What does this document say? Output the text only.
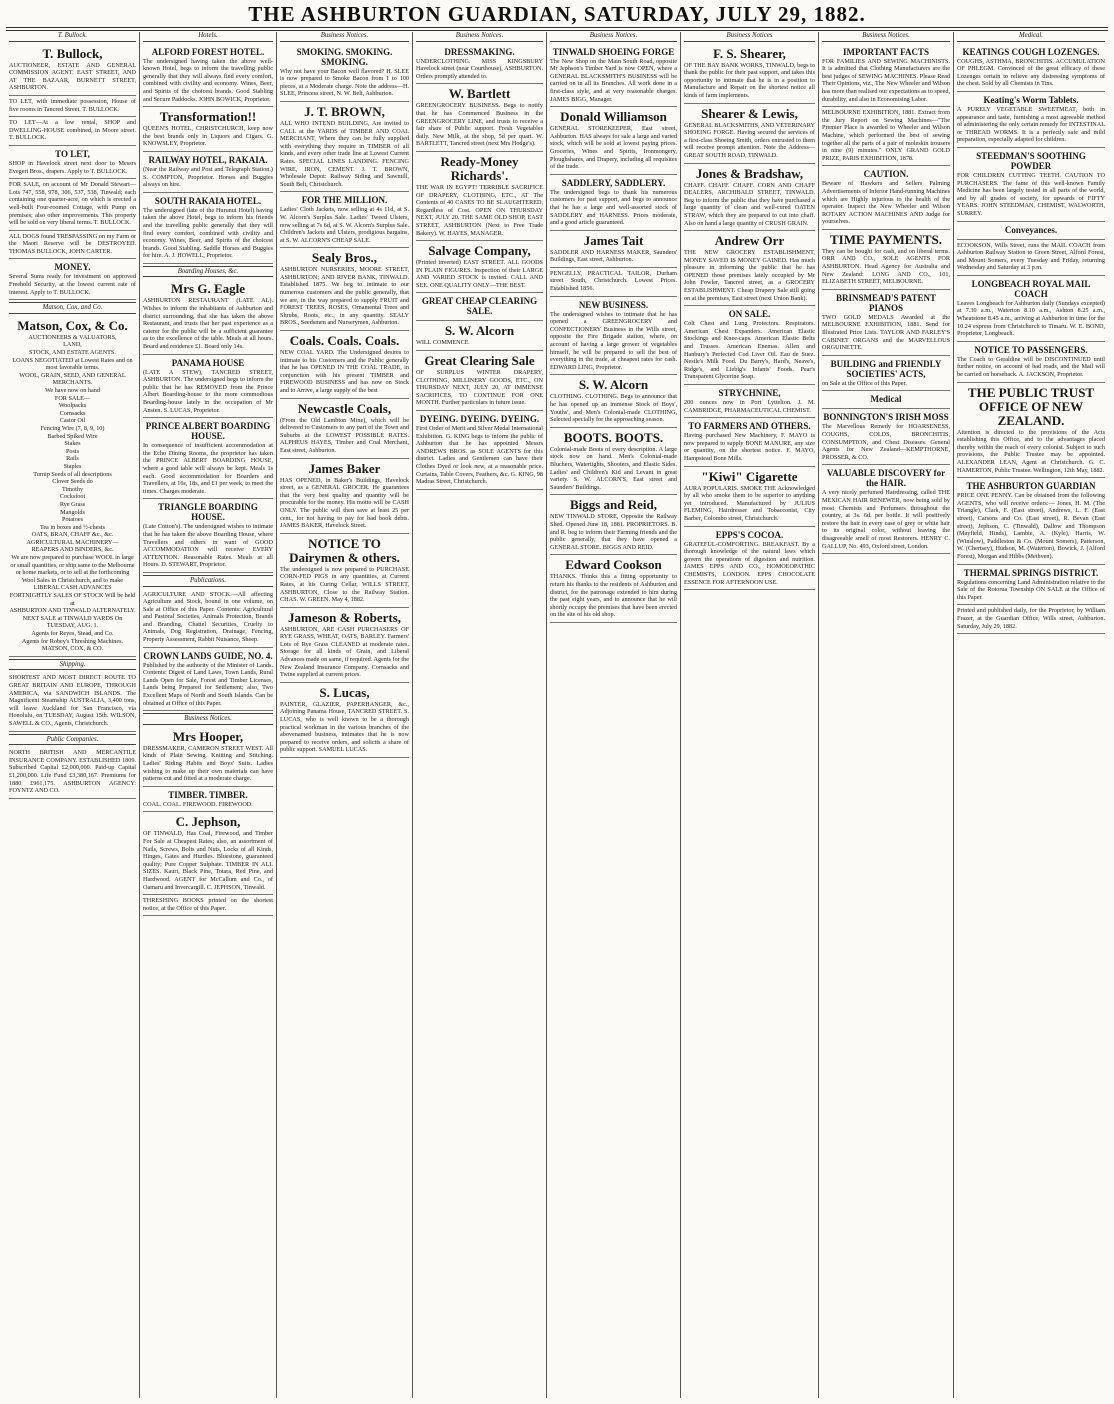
THE ASHBURTON GUARDIAN, SATURDAY, JULY 29, 1882.
T. Bullock.
T. Bullock,
AUCTIONEER, ESTATE AND GENERAL COMMISSION AGENT. EAST STREET, AND AT THE BAZAAR, BURNETT STREET, ASHBURTON.
TO LET, with immediate possession, House of five rooms in Tancred Street. T. BULLOCK.
TO LET—At a low rental, SHOP and DWELLING-HOUSE combined, in Moore street. T. BULLOCK.
TO LET,
SHOP in Havelock street next door to Messrs Evegert Bros., drapers. Apply to T. BULLOCK.
FOR SALE, on account of Mr Donald Stewart—Lots 747, 558, 978, 306, 537, 538, Tinwald; each containing one quarter-acre, on which is erected a well-built Four-roomed Cottage, with Pump on premises; also other improvements. This property will be sold on very liberal terms. T. BULLOCK.
ALL DOGS found TRESPASSING on my Farm or the Maori Reserve will be DESTROYED. THOMAS BULLOCK, JOHN CARTER.
MONEY.
Several Sums ready for investment on approved Freehold Security, at the lowest current rate of interest. Apply to T. BULLOCK.
Matson, Cox, and Co.
Matson, Cox, & Co.
AUCTIONEERS & VALUATORS,
LAND,
STOCK, AND ESTATE AGENTS.
LOANS NEGOTIATED at Lowest Rates and on most favorable terms.
WOOL, GRAIN, SEED, AND GENERAL MERCHANTS.
We have now on hand
FOR SALE—
Woolpacks
Cornsacks
Castor Oil
Fencing Wire (7, 8, 9, 10)
Barbed Spiked Wire
Stakes
Posts
Rails
Staples
Turnip Seeds of all descriptions
Clover Seeds do
Timothy
Cocksfoot
Rye Grass
Mangolds
Potatoes
Tea in boxes and ½-chests
OATS, BRAN, CHAFF &c., &c.
AGRICULTURAL MACHINERY—
REAPERS AND BINDERS, &c.
We are now prepared to purchase WOOL in large or small quantities, or ship same to the Melbourne or home markets, or to sell at the forthcoming Wool Sales in Christchurch, and to make
LIBERAL CASH ADVANCES
FORTNIGHTLY SALES OF STOCK Will be held at
ASHBURTON AND TINWALD ALTERNATELY.
NEXT SALE at TINWALD YARDS On TUESDAY, AUG. 1.
Agents for Reyes, Stead, and Co.
Agents for Robey's Threshing Machines.
MATSON, COX, & CO.
Shipping.
SHORTEST AND MOST DIRECT ROUTE TO GREAT BRITAIN AND EUROPE, THROUGH AMERICA, via SANDWICH ISLANDS. The Magnificent Steamship AUSTRALIA, 3,400 tons, will leave Auckland for San Francisco, via Honolulu, on TUESDAY, August 15th. WILSON, SAWELL & CO., Agents, Christchurch.
Public Companies.
NORTH BRITISH AND MERCANTILE INSURANCE COMPANY. ESTABLISHED 1809. Subscribed Capital £2,000,000. Paid-up Capital £1,200,000. Life Fund £3,380,167. Premiums for 1880 £961,175. ASHBURTON AGENCY: FOYNTZ AND CO.
Hotels.
ALFORD FOREST HOTEL.
The undersigned having taken the above well-known Hotel, begs to inform the travelling public generally that they will always find every comfort, combined with civility and economy. Wines, Beer, and Spirits of the choicest brands. Good Stabling and Secure Paddocks. JOHN BOWICK, Proprietor.
Transformation!!
QUEEN'S HOTEL, CHRISTCHURCH, keep now the best brands only in Liquors and Cigars. G. KNOWSLEY, Proprietor.
RAILWAY HOTEL, RAKAIA.
(Near the Railway and Post and Telegraph Station.) S. COMPTON, Proprietor. Horses and Buggies always on hire.
SOUTH RAKAIA HOTEL.
The undersigned (late of the Hurunui Hotel) having taken the above Hotel, begs to inform his friends and the travelling public generally that they will find every comfort, combined with civility and economy. Wines, Beer, and Spirits of the choicest brands. Good Stabling. Saddle Horses and Buggies for hire. A. J. HOWELL, Proprietor.
Boarding Houses, &c.
Mrs G. Eagle
ASHBURTON RESTAURANT (LATE AL). Wishes to inform the inhabitants of Ashburton and district surrounding, that she has taken the above Restaurant, and trusts that her past experience as a caterer for the public will be a sufficient guarantee as to the excellence of the table. Meals at all hours. Board and residence £1. Board only 14s.
PANAMA HOUSE
(LATE A STEW), TANCRED STREET, ASHBURTON. The undersigned begs to inform the public that he has REMOVED from the Prince Albert Boarding-house to the more commodious Boarding-house lately in the occupation of Mr Ansten. S. LUCAS, Proprietor.
PRINCE ALBERT BOARDING HOUSE.
In consequence of insufficient accommodation at the Echo Dining Rooms, the proprietor has taken the PRINCE ALBERT BOARDING HOUSE, where a good table will always be kept. Meals 1s each. Good accommodation for Boarders and Travellers, at 16s, 18s, and £1 per week, to meet the times. Charges moderate.
TRIANGLE BOARDING HOUSE.
(Late Cotton's). The undersigned wishes to intimate that he has taken the above Boarding House, where Travellers and others in want of GOOD ACCOMMODATION will receive EVERY ATTENTION. Reasonable Rates. Meals at all Hours. D. STEWART, Proprietor.
Publications.
AGRICULTURE AND STOCK.—All affecting Agriculture and Stock, bound in one volume, on Sale at Office of this Paper. Contents: Agricultural and Pastoral Societies, Animals Protection, Brands and Branding, Chattel Securities, Cruelty to Animals, Dog Registration, Drainage, Fencing, Property Assessment, Rabbit Nuisance, Sheep.
CROWN LANDS GUIDE, NO. 4.
Published by the authority of the Minister of Lands. Contents: Digest of Land Laws, Town Lands, Rural Lands Open for Sale, Forest and Timber Licenses, Lands being Prepared for Settlement; also, Two Excellent Maps of North and South Islands. Can be obtained at Office of this Paper.
Business Notices.
Mrs Hooper,
DRESSMAKER, CAMERON STREET WEST. All kinds of Plain Sewing. Knitting and Stitching. Ladies' Riding Habits and Boys' Suits. Ladies wishing to make up their own materials can have patterns cut and fitted at a moderate charge.
TIMBER. TIMBER.
COAL. COAL. FIREWOOD. FIREWOOD.
C. Jephson,
OF TINWALD, Has Coal, Firewood, and Timber For Sale at Cheapest Rates; also, an assortment of Nails, Screws, Bolts and Nuts, Locks of all Kinds, Hinges, Gates and Hurdles. Bluestone, guaranteed quality; Pure Copper Sulphate. TIMBER IN ALL SIZES. Kauri, Black Pine, Totara, Red Pine, and Hardwood. AGENT for McCallum and Co., of Oamaru and Invercargill. C. JEPHSON, Tinwald.
THRESHING BOOKS printed on the shortest notice, at the Office of this Paper.
Business Notices.
SMOKING. SMOKING. SMOKING.
Why not have your Bacon well flavored? H. SLEE is now prepared to Smoke Bacon from 1 to 100 pieces, at a Moderate charge. Note the address—H. SLEE, Princess street, N. W. Belt, Ashburton.
J. T. BROWN,
ALL WHO INTEND BUILDING, Are invited to CALL at the YARDS of TIMBER AND COAL MERCHANT, Where they can be fully supplied with everything they require in TIMBER of all kinds, and every other trade line at Lowest Current Rates. SPECIAL LINES LANDING. FENCING WIRE, IRON, CEMENT. J. T. BROWN, Wholesale Depot: Railway Siding and Sawmill, South Belt, Christchurch.
FOR THE MILLION.
Ladies' Cloth Jackets, now selling at 4s 11d, at S. W. Alcorn's Surplus Sale. Ladies' Tweed Ulsters, now selling at 7s 6d, at S. W. Alcorn's Surplus Sale. Children's Jackets and Ulsters, prodigious bargains, at S. W. ALCORN'S CHEAP SALE.
Sealy Bros.,
ASHBURTON NURSERIES, MOORE STREET, ASHBURTON; AND RIVER BANK, TINWALD. Established 1875. We beg to intimate to our numerous customers and the public generally, that we are, in the way prepared to supply FRUIT and FOREST TREES, ROSES, Ornamental Trees and Shrubs, Roots, etc., in any quantity. SEALY BROS., Seedsmen and Nurserymen, Ashburton.
Coals. Coals. Coals.
NEW COAL YARD. The Undersigned desires to intimate to his Customers and the Public generally that he has OPENED IN THE COAL TRADE, in conjunction with his present TIMBER and FIREWOOD BUSINESS and has now on Stock and to Arrive, a large supply of the best
Newcastle Coals,
(From the Old Lambton Mine), which will be delivered to Customers to any part of the Town and Suburbs at the LOWEST POSSIBLE RATES. ALPHEUS HAYES, Timber and Coal Merchant, East street, Ashburton.
James Baker
HAS OPENED, in Baker's Buildings, Havelock street, as a GENERAL GROCER. He guarantees that the very best quality and quantity will be procurable for the money. His motto will be CASH ONLY. The public will then save at least 25 per cent., for not having to pay for bad book debts. JAMES BAKER, Havelock Street.
NOTICE TO Dairymen & others.
The undersigned is now prepared to PURCHASE CORN-FED PIGS in any quantities, at Current Rates, at his Curing Cellar, WILLS STREET, ASHBURTON, Close to the Railway Station. CHAS. W. GREEN. May 4, 1882.
Jameson & Roberts,
ASHBURTON, ARE CASH PURCHASERS OF RYE GRASS, WHEAT, OATS, BARLEY. Farmers' Lots of Rye Grass CLEANED at moderate rates. Storage for all kinds of Grain, and Liberal Advances made on same, if required. Agents for the New Zealand Insurance Company. Cornsacks and Twine supplied at current prices.
S. Lucas,
PAINTER, GLAZIER, PAPERHANGER, &c., Adjoining Panama House, TANCRED STREET. S. LUCAS, who is well known to be a thorough practical workman in the various branches of the abovenamed business, intimates that he is now prepared to receive orders, and solicits a share of public support. SAMUEL LUCAS.
Business Notices.
DRESSMAKING.
UNDERCLOTHING. MISS KINGSBURY Havelock street (near Courthouse), ASHBURTON. Orders promptly attended to.
W. Bartlett
GREENGROCERY BUSINESS. Begs to notify that he has Commenced Business in the GREENGROCERY LINE, and trusts to receive a fair share of Public support. Fresh Vegetables daily. New Milk, at the shop, 5d per quart. W. BARTLETT, Tancred street (next Mrs Hodge's).
Ready-Money Richards'.
THE WAR IN EGYPT! TERRIBLE SACRIFICE OF DRAPERY, CLOTHING, ETC., AT The Contents of 40 CASES TO BE SLAUGHTERED, Regardless of Cost. OPEN ON THURSDAY NEXT, JULY 20. THE SAME OLD SHOP, EAST STREET, ASHBURTON (Next to Free Trade Bakery). W. HAYES, MANAGER.
Salvage Company,
(Printed inverted) EAST STREET. ALL GOODS IN PLAIN FIGURES. Inspection of their LARGE AND VARIED STOCK is invited. CALL AND SEE. ONE QUALITY ONLY—THE BEST.
GREAT CHEAP CLEARING SALE.
S. W. Alcorn
WILL COMMENCE
Great Clearing Sale
OF SURPLUS WINTER DRAPERY, CLOTHING, MILLINERY GOODS, ETC., ON THURSDAY NEXT, JULY 20, AT IMMENSE SACRIFICES, TO CONTINUE FOR ONE MONTH. Further particulars in future issue.
DYEING. DYEING. DYEING.
First Order of Merit and Silver Medal International Exhibition. G. KING begs to inform the public of Ashburton that he has appointed Messrs ANDREWS BROS. as SOLE AGENTS for this district. Ladies and Gentlemen can have their Clothes Dyed or look new, at a reasonable price. Curtains, Table Covers, Feathers, &c. G. KING, 98 Madras Street, Christchurch.
Business Notices.
TINWALD SHOEING FORGE
The New Shop on the Main South Road, opposite Mr Jephson's Timber Yard is now OPEN, where a GENERAL BLACKSMITH'S BUSINESS will be carried on in all its Branches. All work done in a first-class style, and at very reasonable charges. JAMES BIGG, Manager.
Donald Williamson
GENERAL STOREKEEPER, East street, Ashburton. HAS always for sale a large and varied stock, which will be sold at lowest paying prices. Groceries, Wines and Spirits, Ironmongery, Ploughshares, and Drapery, including all requisites of the trade.
SADDLERY, SADDLERY.
The undersigned begs to thank his numerous customers for past support, and begs to announce that he has a large and well-assorted stock of SADDLERY and HARNESS. Prices moderate, and a good article guaranteed.
James Tait
SADDLER AND HARNESS MAKER, Saunders' Buildings, East street, Ashburton.
PENGELLY, PRACTICAL TAILOR, Durham street South, Christchurch. Lowest Prices. Established 1856.
NEW BUSINESS.
The undersigned wishes to intimate that he has opened a GREENGROCERY and CONFECTIONERY Business in the Wills street, opposite the Fire Brigade station, where, on account of having a large grower of vegetables himself, he will be prepared to sell the best of everything in the trade, at cheapest rates for cash. EDWARD LING, Proprietor.
S. W. Alcorn
CLOTHING. CLOTHING. Begs to announce that he has opened up an immense Stock of Boys', Youths', and Men's Colonial-made CLOTHING, Selected specially for the approaching season.
BOOTS. BOOTS.
Colonial-made Boots of every description. A large stock now on hand. Men's Colonial-made Bluchers, Watertights, Shooters, and Elastic Sides. Ladies' and Children's Kid and Levant in great variety. S. W. ALCORN'S, East street and Saunders' Buildings.
Biggs and Reid,
NEW TINWALD STORE, Opposite the Railway Shed. Opened June 18, 1881. PROPRIETORS. B. and R. beg to inform their Farming friends and the public generally, that they have opened a GENERAL STORE. BIGGS AND REID.
Edward Cookson
THANKS. Thinks this a fitting opportunity to return his thanks to the residents of Ashburton and district, for the patronage extended to him during the past eight years, and to announce that he will shortly occupy the premises that have been erected on the site of his old shop.
Business Notices
F. S. Shearer,
OF THE BAY BANK WORKS, TINWALD, begs to thank the public for their past support, and takes this opportunity to intimate that he is in a position to Manufacture and Repair on the shortest notice all kinds of farm implements.
Shearer & Lewis,
GENERAL BLACKSMITHS, AND VETERINARY SHOEING FORGE. Having secured the services of a first-class Shoeing Smith, orders entrusted to them will receive prompt attention. Note the Address—GREAT SOUTH ROAD, TINWALD.
Jones & Bradshaw,
CHAFF. CHAFF. CHAFF. CORN AND CHAFF DEALERS, ARCHIBALD STREET, TINWALD. Beg to inform the public that they have purchased a large quantity of clean and well-cured OATEN STRAW, which they are prepared to cut into chaff. Also on hand a large quantity of CRUSH GRAIN.
Andrew Orr
THE NEW GROCERY ESTABLISHMENT, MONEY SAVED IS MONEY GAINED. Has much pleasure in informing the public that he has OPENED those premises lately occupied by Mr John Fowler, Tancred street, as a GROCERY ESTABLISHMENT. Cheap Drapery Sale still going on at the premises, East street (next Union Bank).
ON SALE.
Colt Chest and Lung Protectors. Respirators. American Chest Expanders. American Elastic Stockings and Knee-caps. American Elastic Belts and Trusses. American Enemas. Allen and Hanbury's Perfected Cod Liver Oil. Eau de Suez. Nestle's Milk Food. Du Barry's, Hard's, Neave's, Ridge's, and Liebig's Infants' Foods. Pear's Transparent Glycerine Soap.
STRYCHNINE,
200 ounces now in Port Lyttelton. J. M. CAMBRIDGE, PHARMACEUTICAL CHEMIST.
TO FARMERS AND OTHERS.
Having purchased New Machinery, F. MAYO is now prepared to supply BONE MANURE, any size or quantity, on the shortest notice. F. MAYO, Hampstead Bone Mills.
"Kiwi" Cigarette
AURA POPULARIS. SMOKE THE Acknowledged by all who smoke them to be superior to anything yet introduced. Manufactured by JULIUS FLEMING, Hairdresser and Tobacconist, City Barber, Colombo street, Christchurch.
EPPS'S COCOA.
GRATEFUL-COMFORTING. BREAKFAST. By a thorough knowledge of the natural laws which govern the operations of digestion and nutrition. JAMES EPPS AND CO., HOMOEOPATHIC CHEMISTS, LONDON. EPPS CHOCOLATE ESSENCE FOR AFTERNOON USE.
Business Notices.
IMPORTANT FACTS
FOR FAMILIES AND SEWING MACHINISTS. It is admitted that Clothing Manufacturers are the best judges of SEWING MACHINES. Please Read Their Opinions, viz., The New Wheeler and Wilson has more than realised our expectations as to speed, durability, and also in Economising Labor.
MELBOURNE EXHIBITION, 1881. Extract from the Jury Report on Sewing Machines—"The Premier Place is awarded to Wheeler and Wilson Machine, which performed the best of sewing together all the parts of a pair of moleskin trousers in nine (9) minutes." ONLY GRAND GOLD PRIZE, PARIS EXHIBITION, 1878.
CAUTION.
Beware of Hawkers and Sellers Palming Advertisements of Inferior Hand-running Machines which are Highly injurious to the health of the operator. Inspect the New Wheeler and Wilson ROTARY ACTION MACHINES AND Judge for yourselves.
TIME PAYMENTS.
They can be bought for cash, and on liberal terms. ORR AND CO., SOLE AGENTS FOR ASHBURTON. Head Agency for Australia and New Zealand: LONG AND CO., 101, ELIZABETH STREET, MELBOURNE.
BRINSMEAD'S PATENT PIANOS
TWO GOLD MEDALS Awarded at the MELBOURNE EXHIBITION, 1881. Send for Illustrated Price Lists. TAYLOR AND FARLEY'S CABINET ORGANS and the MARVELLOUS ORGUINETTE.
BUILDING and FRIENDLY SOCIETIES' ACTS,
on Sale at the Office of this Paper.
Medical
BONNINGTON'S IRISH MOSS
The Marvellous Remedy for HOARSENESS, COUGHS, COLDS, BRONCHITIS, CONSUMPTION, and Chest Diseases. General Agents for New Zealand—KEMPTHORNE, PROSSER, & CO.
VALUABLE DISCOVERY for the HAIR.
A very nicely perfumed Hairdressing, called THE MEXICAN HAIR RENEWER, now being sold by most Chemists and Perfumers throughout the country, at 3s. 6d. per bottle. It will positively restore the hair in every case of grey or white hair to its original color, without leaving the disagreeable smell of most Restorers. HENRY C. GALLUP, No. 493, Oxford street, London.
Medical.
KEATINGS COUGH LOZENGES.
COUGHS, ASTHMA, BRONCHITIS. ACCUMULATION OF PHLEGM. Convinced of the great efficacy of these Lozenges certain to relieve any distressing symptoms of the chest. Sold by all Chemists in Tins.
Keating's Worm Tablets.
A PURELY VEGETABLE SWEETMEAT, both in appearance and taste, furnishing a most agreeable method of administering the only certain remedy for INTESTINAL or THREAD WORMS. It is a perfectly safe and mild preparation, especially adapted for children.
STEEDMAN'S SOOTHING POWDER
FOR CHILDREN CUTTING TEETH. CAUTION TO PURCHASERS. The fame of this well-known Family Medicine has been largely tested in all parts of the world, and by all grades of society, for upwards of FIFTY YEARS. JOHN STEEDMAN, CHEMIST, WALWORTH, SURREY.
Conveyances.
ECOOKSON, Wills Street, runs the MAIL COACH from Ashburton Railway Station to Green Street, Alford Forest, and Mount Somers, every Tuesday and Friday, returning Wednesday and Saturday at 3 p.m.
LONGBEACH ROYAL MAIL COACH
Leaves Longbeach for Ashburton daily (Sundays excepted) at 7.30 a.m., Waterton 8.10 a.m., Ashton 8.25 a.m., Wheatstone 8.45 a.m., arriving at Ashburton in time for the 10.24 express from Christchurch to Timaru. W. E. BOND, Proprietor, Longbeach.
NOTICE TO PASSENGERS.
The Coach to Geraldine will be DISCONTINUED until further notice, on account of bad roads, and the Mail will be carried on horseback. A. JACKSON, Proprietor.
THE PUBLIC TRUST OFFICE OF NEW ZEALAND.
Attention is directed to the provisions of the Acts establishing this Office, and to the advantages placed thereby within the reach of every colonist. Subject to such provisions, the Public Trustee may be appointed. ALEXANDER LEAN, Agent at Christchurch. G. C. HAMERTON, Public Trustee. Wellington, 12th May, 1882.
THE ASHBURTON GUARDIAN
PRICE ONE PENNY. Can be obtained from the following AGENTS, who will receive orders:— Jones, H. M. (The Triangle), Clark, F. (East street), Andrews, L. F. (East street), Carsons and Co. (East street), R. Bevan (East street), Jephson, C. (Tinwald), Dallow and Thompson (Mayfield, Hinds), Lambie, A. (Kyle), Harris, W. (Winslow), Paddleston & Co. (Mount Somers), Patterson, W. (Chertsey), Hudson, M. (Waterton), Bowick, J. (Alford Forest), Morgan and Hibbs (Methven).
THERMAL SPRINGS DISTRICT.
Regulations concerning Land Administration relative to the Sale of the Rotorua Township ON SALE at the Office of this Paper.
Printed and published daily, for the Proprietor, by William Frazer, at the Guardian Office, Wills street, Ashburton. Saturday, July 29, 1882.
